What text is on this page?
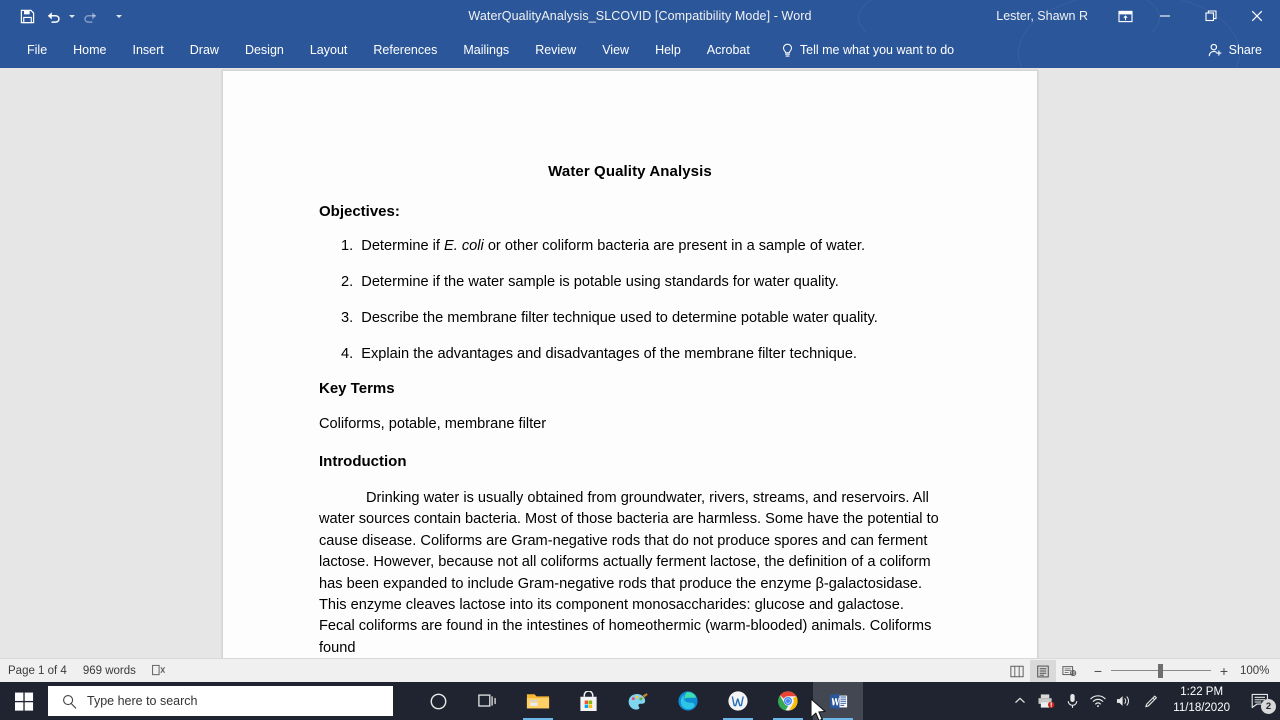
WaterQualityAnalysis_SLCOVID [Compatibility Mode] - Word	Lester, Shawn R
File	Home	Insert	Draw	Design	Layout	References	Mailings	Review	View	Help	Acrobat	Tell me what you want to do	Share
Water Quality Analysis
Objectives:
1. Determine if E. coli or other coliform bacteria are present in a sample of water.
2. Determine if the water sample is potable using standards for water quality.
3. Describe the membrane filter technique used to determine potable water quality.
4. Explain the advantages and disadvantages of the membrane filter technique.
Key Terms
Coliforms, potable, membrane filter
Introduction
Drinking water is usually obtained from groundwater, rivers, streams, and reservoirs. All water sources contain bacteria. Most of those bacteria are harmless. Some have the potential to cause disease. Coliforms are Gram-negative rods that do not produce spores and can ferment lactose. However, because not all coliforms actually ferment lactose, the definition of a coliform has been expanded to include Gram-negative rods that produce the enzyme β-galactosidase. This enzyme cleaves lactose into its component monosaccharides: glucose and galactose. Fecal coliforms are found in the intestines of homeothermic (warm-blooded) animals. Coliforms found
Page 1 of 4 969 words	−	+ 100%
Type here to search
1:22 PM
11/18/2020	2
